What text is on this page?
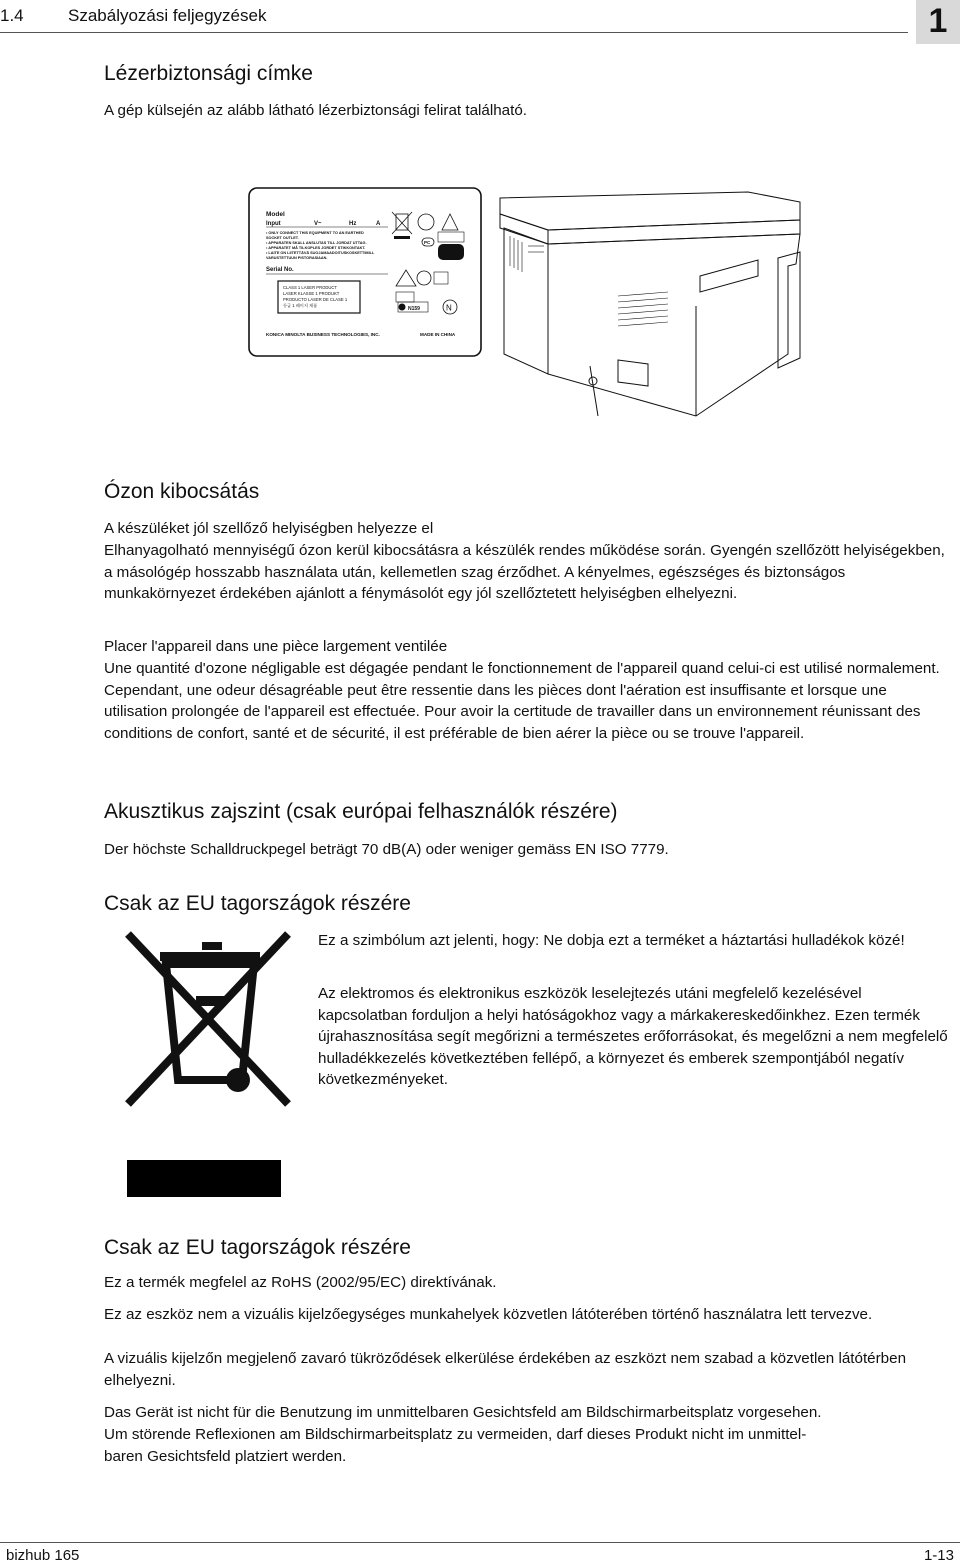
1.4	Szabályozási feljegyzések	1
Lézerbiztonsági címke

A gép külsején az alább látható lézerbiztonsági felirat található.

Model
Input	V~	Hz	A
• ONLY CONNECT THIS EQUIPMENT TO AN EARTHED
SOCKET OUTLET.
• APPARATEN SKALL ANSLUTAS TILL JORDAT UTTAG.
• APPARATET MÅ TILKOPLES JORDET STIKKONTAKT.
• LAITE ON LIITETTÄVÄ SUOJAMAADOITUSKOSKETTIMILL
VARUSTETTUUN PISTORASIAAN.
Serial No.
CLASS 1 LASER PRODUCT
LASER KLASSE 1 PRODUKT
PRODUCTO LASER DE CLASE 1
등급 1 레이저 제품
PC
N159	N
KONICA MINOLTA BUSINESS TECHNOLOGIES, INC.	MADE IN CHINA
Ózon kibocsátás

A készüléket jól szellőző helyiségben helyezze el

Elhanyagolható mennyiségű ózon kerül kibocsátásra a készülék rendes működése során. Gyengén szellőzött helyiségekben, a másológép hosszabb használata után, kellemetlen szag érződhet. A kényelmes, egészséges és biztonságos munkakörnyezet érdekében ajánlott a fénymásolót egy jól szellőztetett helyiségben elhelyezni.

Placer l'appareil dans une pièce largement ventilée

Une quantité d'ozone négligable est dégagée pendant le fonctionnement de l'appareil quand celui-ci est utilisé normalement. Cependant, une odeur désagréable peut être ressentie dans les pièces dont l'aération est insuffisante et lorsque une utilisation prolongée de l'appareil est effectuée. Pour avoir la certitude de travailler dans un environnement réunissant des conditions de confort, santé et de sécurité, il est préférable de bien aérer la pièce ou se trouve l'appareil.

Akusztikus zajszint (csak európai felhasználók részére)

Der höchste Schalldruckpegel beträgt 70 dB(A) oder weniger gemäss EN ISO 7779.

Csak az EU tagországok részére

Ez a szimbólum azt jelenti, hogy: Ne dobja ezt a terméket a háztartási hulladékok közé!

Az elektromos és elektronikus eszközök leselejtezés utáni megfelelő kezelésével kapcsolatban forduljon a helyi hatóságokhoz vagy a márkakereskedőinkhez. Ezen termék újrahasznosítása segít megőrizni a természetes erőforrásokat, és megelőzni a nem megfelelő hulladékkezelés következtében fellépő, a környezet és emberek szempontjából negatív következményeket.

Csak az EU tagországok részére

Ez a termék megfelel az RoHS (2002/95/EC) direktívának.

Ez az eszköz nem a vizuális kijelzőegységes munkahelyek közvetlen látóterében történő használatra lett tervezve.

A vizuális kijelzőn megjelenő zavaró tükröződések elkerülése érdekében az eszközt nem szabad a közvetlen látótérben elhelyezni.

Das Gerät ist nicht für die Benutzung im unmittelbaren Gesichtsfeld am Bildschirmarbeitsplatz vorgesehen.

Um störende Reflexionen am Bildschirmarbeitsplatz zu vermeiden, darf dieses Produkt nicht im unmittel-

baren Gesichtsfeld platziert werden.

bizhub 165	1-13
